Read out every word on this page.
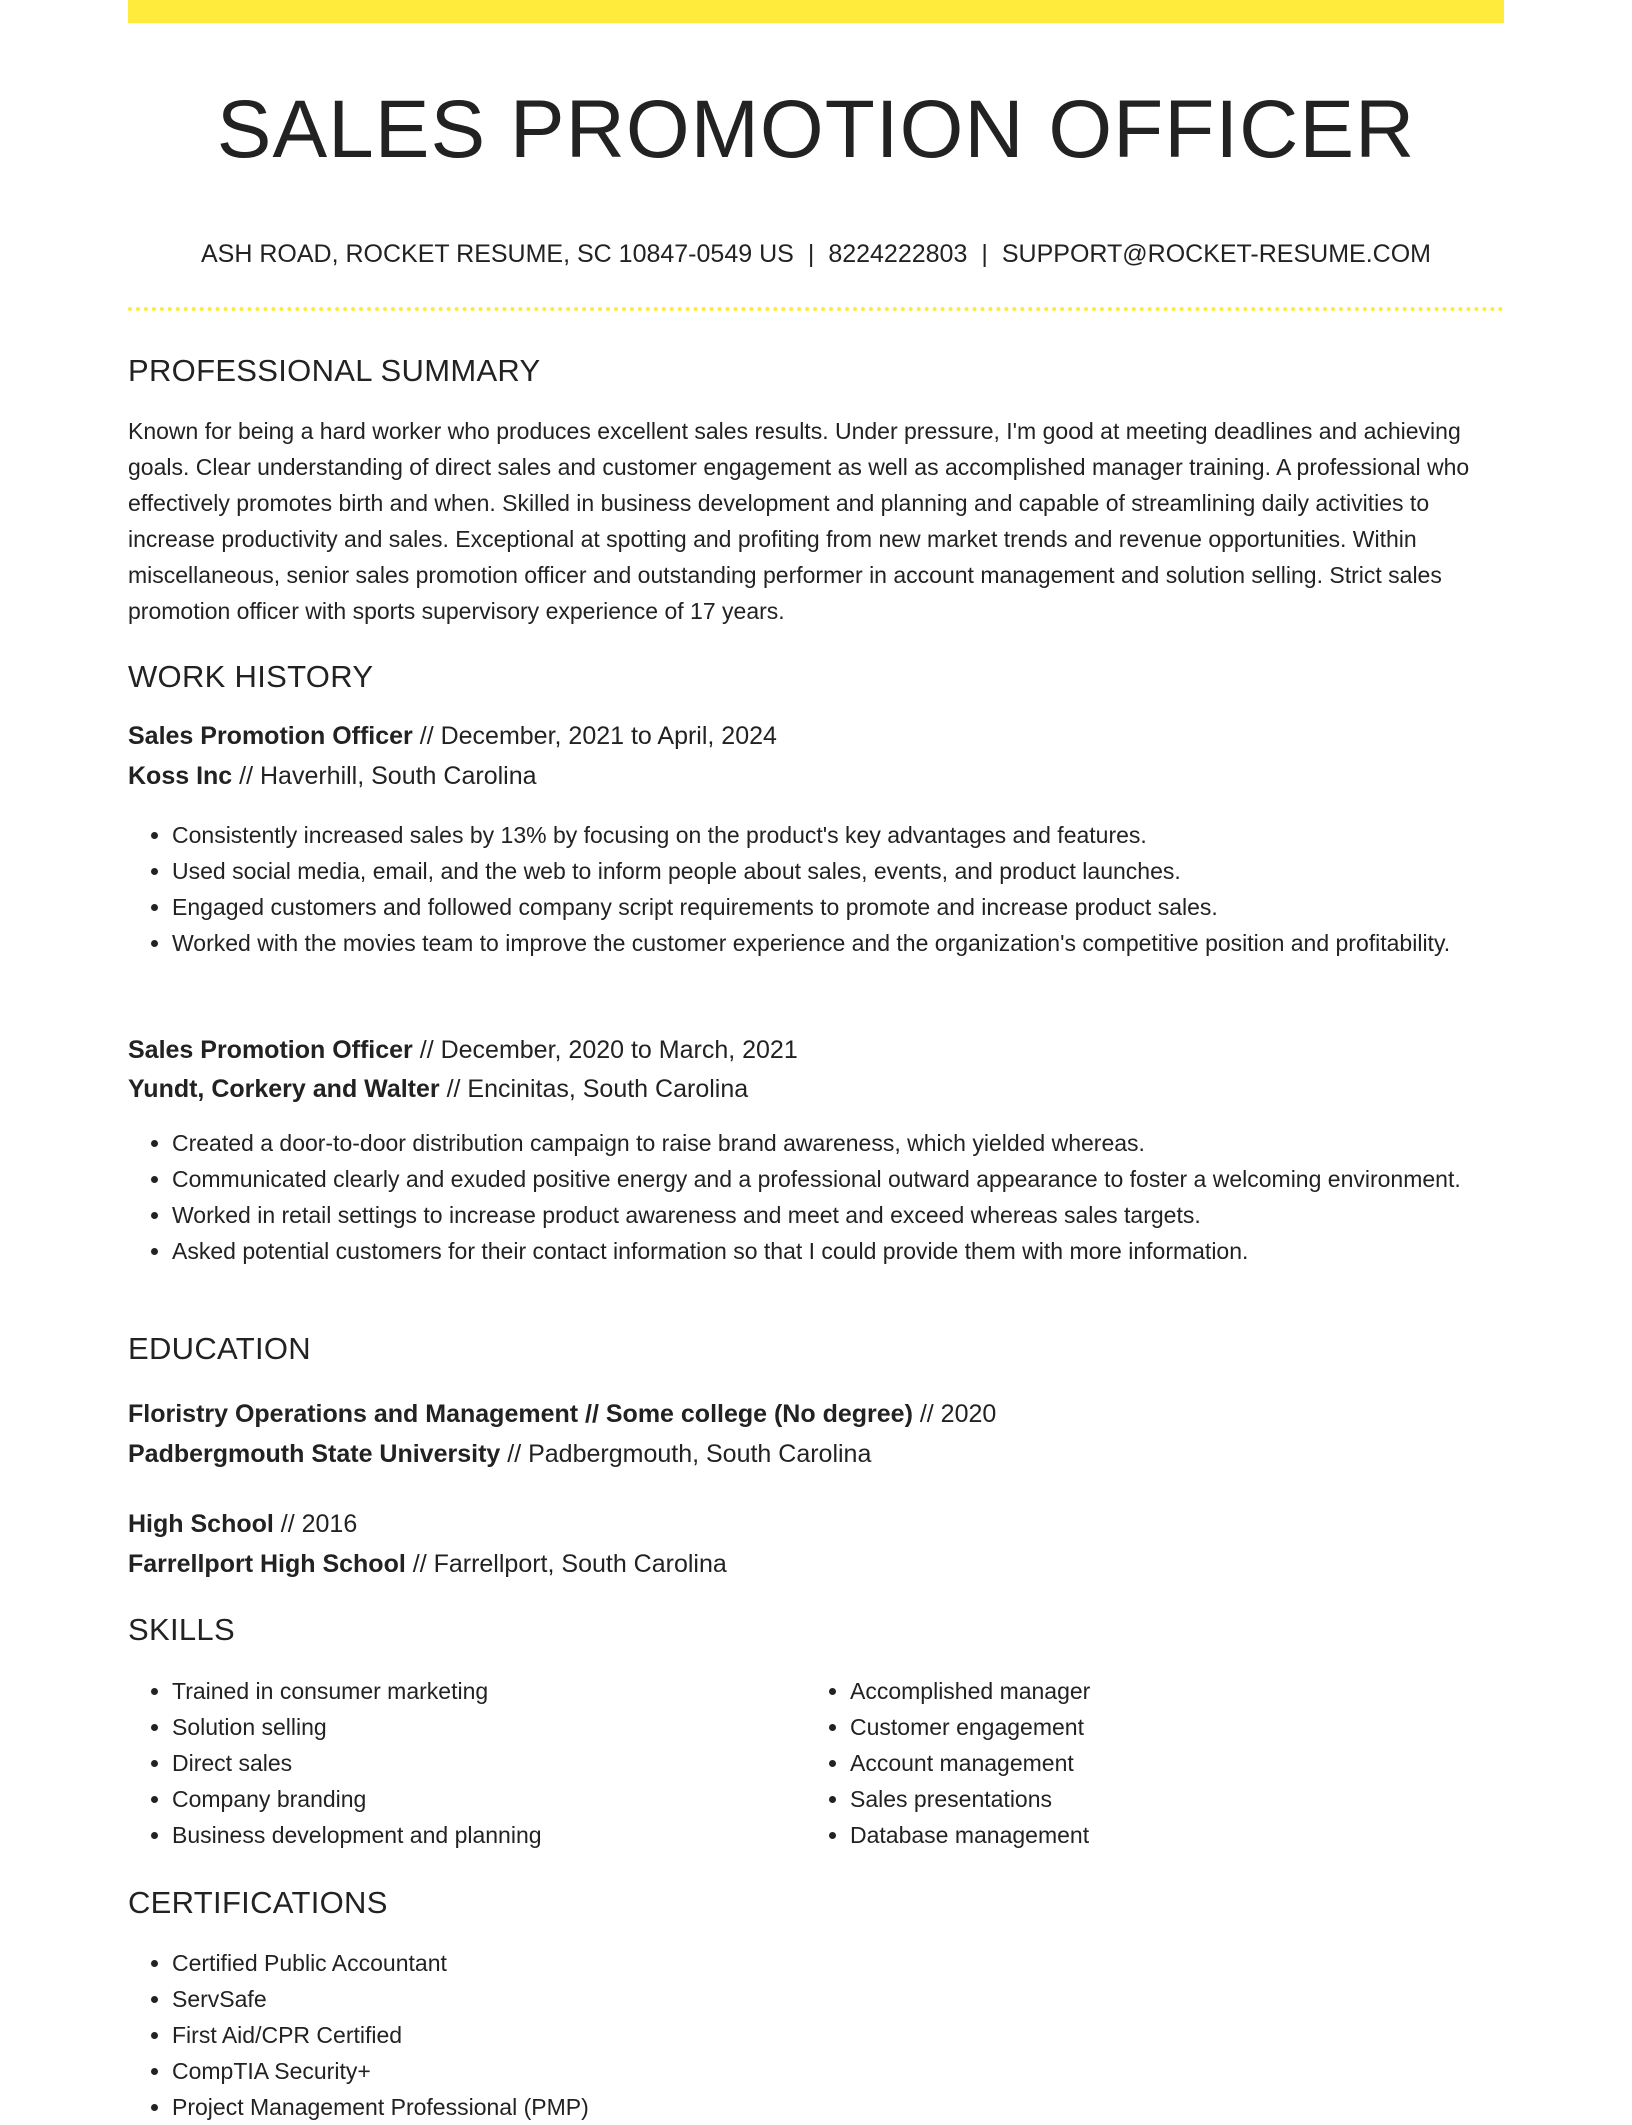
SALES PROMOTION OFFICER
ASH ROAD, ROCKET RESUME, SC 10847-0549 US | 8224222803 | SUPPORT@ROCKET-RESUME.COM
PROFESSIONAL SUMMARY

Known for being a hard worker who produces excellent sales results. Under pressure, I'm good at meeting deadlines and achieving goals. Clear understanding of direct sales and customer engagement as well as accomplished manager training. A professional who effectively promotes birth and when. Skilled in business development and planning and capable of streamlining daily activities to increase productivity and sales. Exceptional at spotting and profiting from new market trends and revenue opportunities. Within miscellaneous, senior sales promotion officer and outstanding performer in account management and solution selling. Strict sales promotion officer with sports supervisory experience of 17 years.

WORK HISTORY
Sales Promotion Officer // December, 2021 to April, 2024
Koss Inc // Haverhill, South Carolina
• Consistently increased sales by 13% by focusing on the product's key advantages and features.
• Used social media, email, and the web to inform people about sales, events, and product launches.
• Engaged customers and followed company script requirements to promote and increase product sales.
• Worked with the movies team to improve the customer experience and the organization's competitive position and profitability.
Sales Promotion Officer // December, 2020 to March, 2021
Yundt, Corkery and Walter // Encinitas, South Carolina
• Created a door-to-door distribution campaign to raise brand awareness, which yielded whereas.
• Communicated clearly and exuded positive energy and a professional outward appearance to foster a welcoming environment.
• Worked in retail settings to increase product awareness and meet and exceed whereas sales targets.
• Asked potential customers for their contact information so that I could provide them with more information.
EDUCATION
Floristry Operations and Management // Some college (No degree) // 2020
Padbergmouth State University // Padbergmouth, South Carolina
High School // 2016
Farrellport High School // Farrellport, South Carolina
SKILLS
• Trained in consumer marketing
• Solution selling
• Direct sales
• Company branding
• Business development and planning
• Accomplished manager
• Customer engagement
• Account management
• Sales presentations
• Database management
CERTIFICATIONS
• Certified Public Accountant
• ServSafe
• First Aid/CPR Certified
• CompTIA Security+
• Project Management Professional (PMP)
